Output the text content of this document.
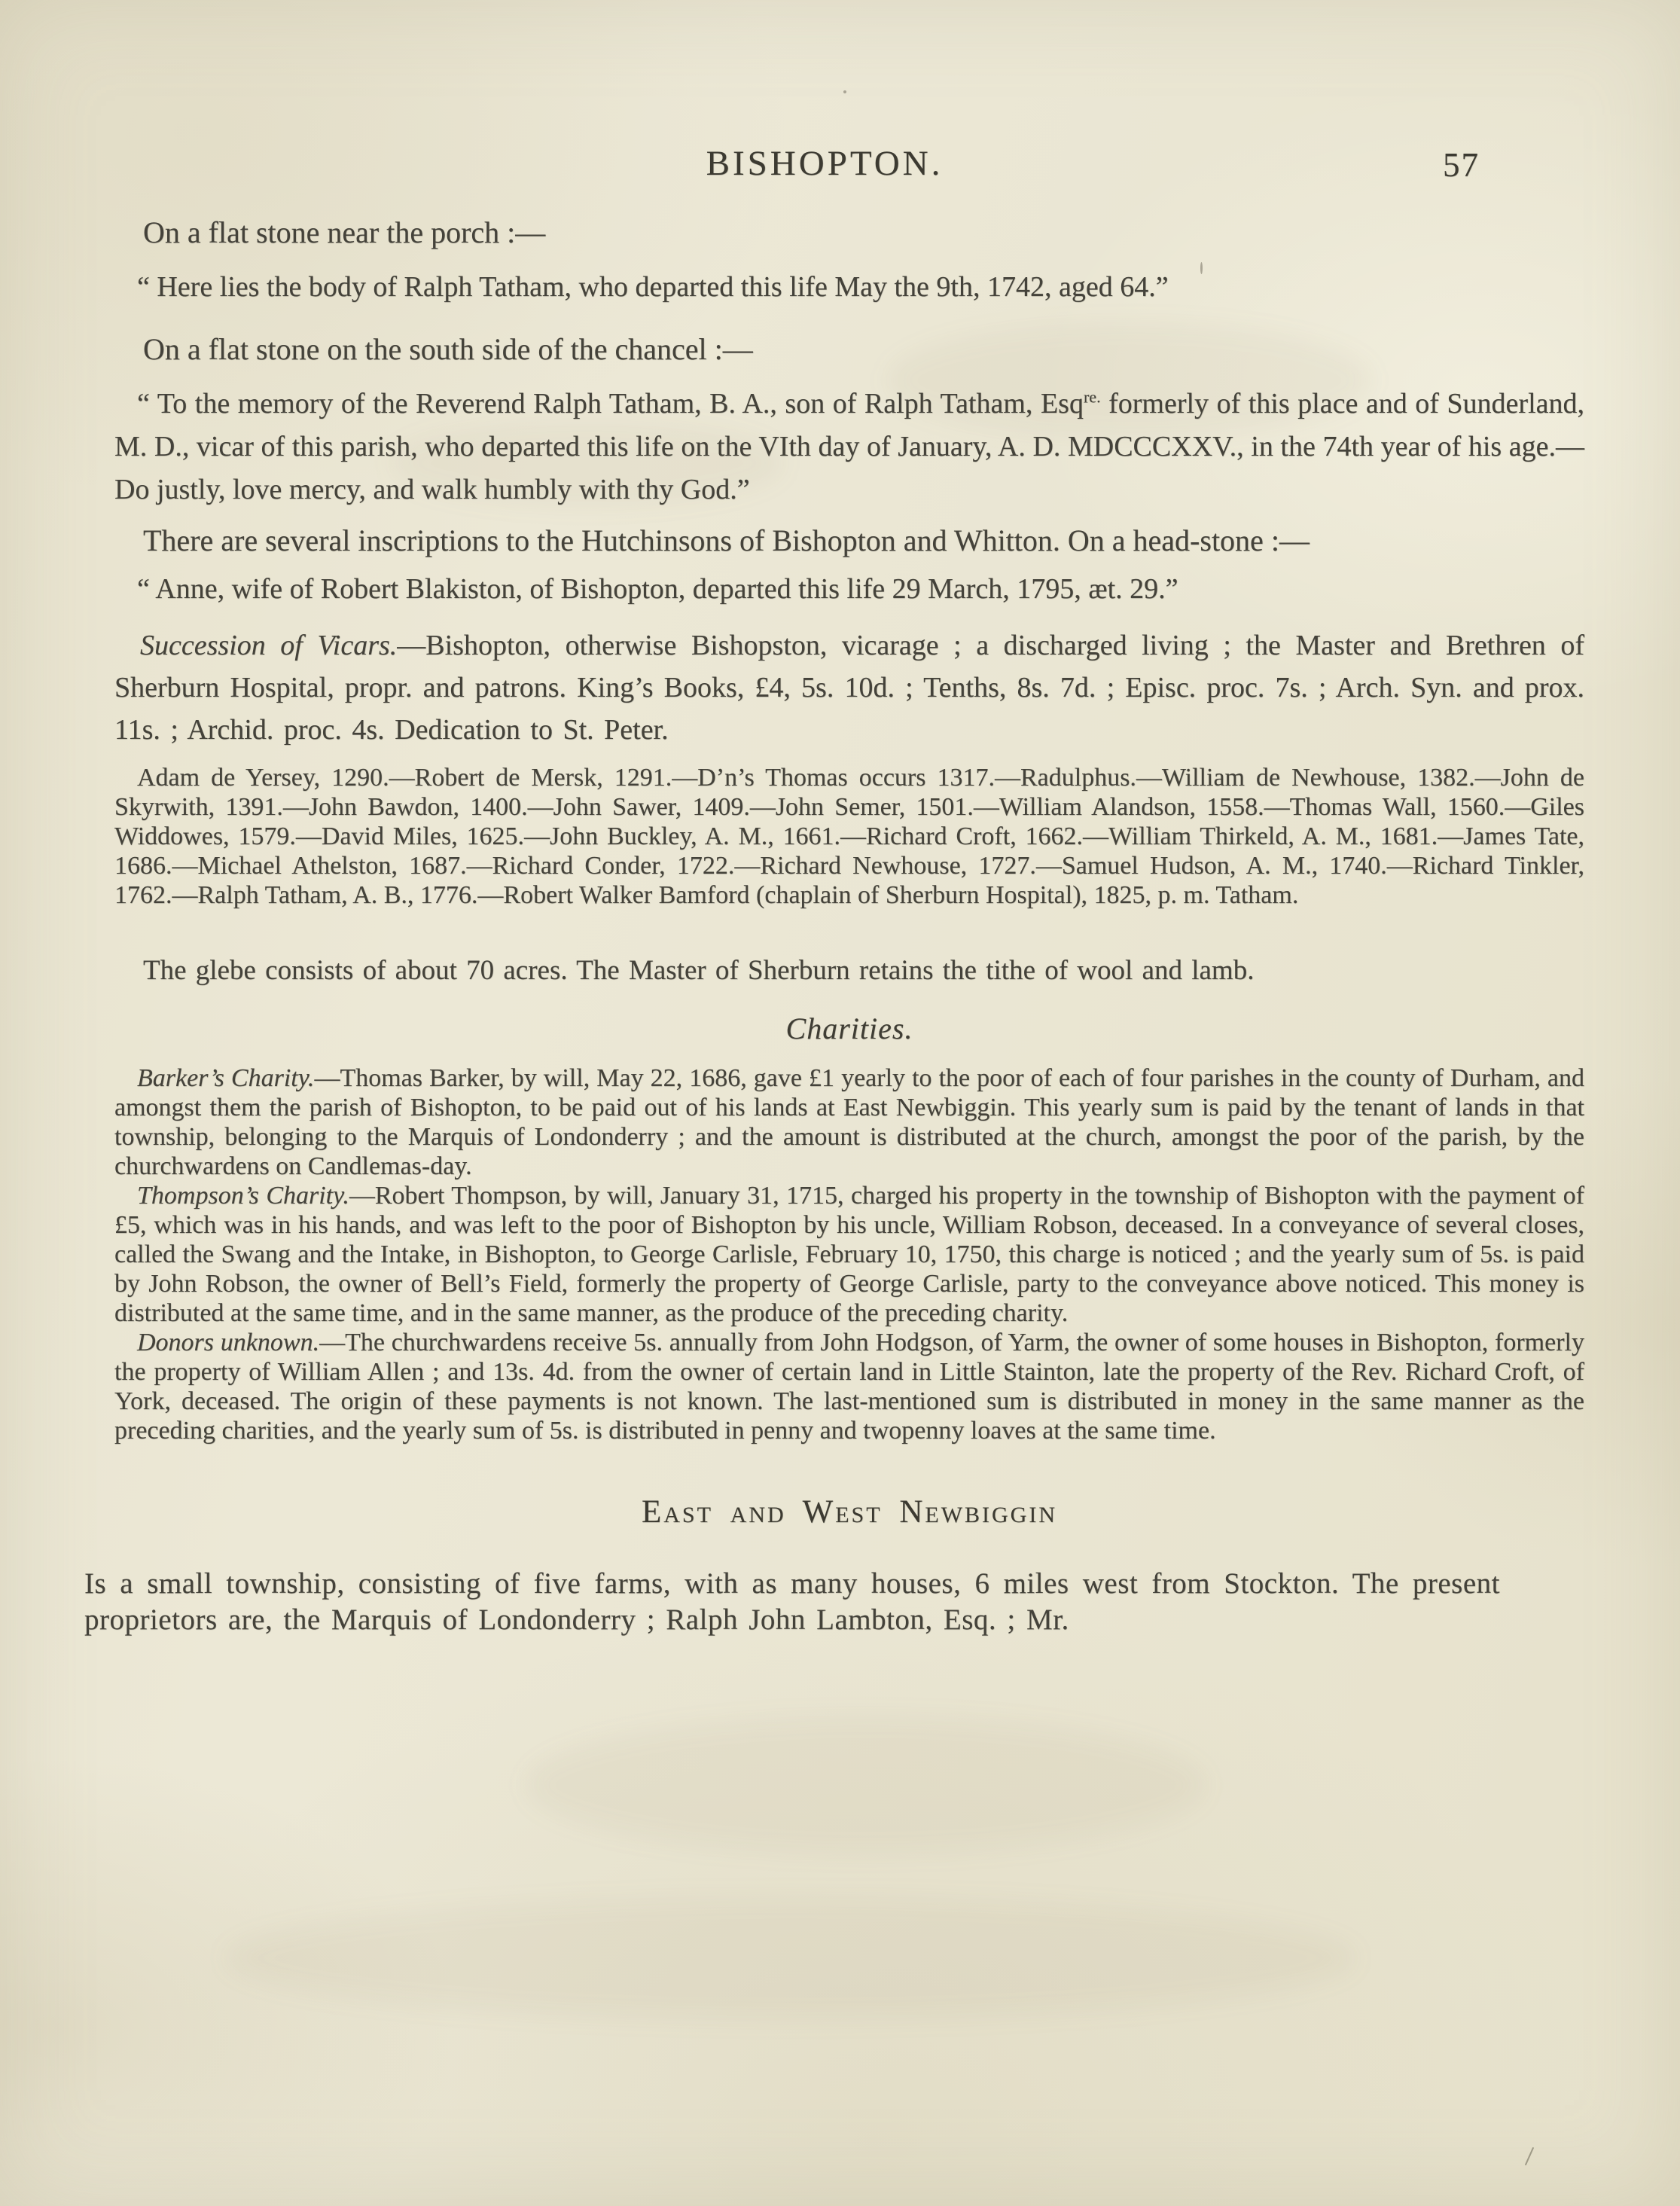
BISHOPTON.	57
On a flat stone near the porch :—
“ Here lies the body of Ralph Tatham, who departed this life May the 9th, 1742, aged 64.”
On a flat stone on the south side of the chancel :—
“ To the memory of the Reverend Ralph Tatham, B. A., son of Ralph Tatham, Esq$^{re.}$ formerly of this place and of Sunderland, M. D., vicar of this parish, who departed this life on the VIth day of January, A. D. MDCCCXXV., in the 74th year of his age.—Do justly, love mercy, and walk humbly with thy God.”
There are several inscriptions to the Hutchinsons of Bishopton and Whitton. On a head-stone :—
“ Anne, wife of Robert Blakiston, of Bishopton, departed this life 29 March, 1795, æt. 29.”
Succession of Vicars.—Bishopton, otherwise Bishopston, vicarage ; a discharged living ; the Master and Brethren of Sherburn Hospital, propr. and patrons. King’s Books, £4, 5s. 10d. ; Tenths, 8s. 7d. ; Episc. proc. 7s. ; Arch. Syn. and prox. 11s. ; Archid. proc. 4s. Dedication to St. Peter.
Adam de Yersey, 1290.—Robert de Mersk, 1291.—D’n’s Thomas occurs 1317.—Radulphus.—William de Newhouse, 1382.—John de Skyrwith, 1391.—John Bawdon, 1400.—John Sawer, 1409.—John Semer, 1501.—William Alandson, 1558.—Thomas Wall, 1560.—Giles Widdowes, 1579.—David Miles, 1625.—John Buckley, A. M., 1661.—Richard Croft, 1662.—William Thirkeld, A. M., 1681.—James Tate, 1686.—Michael Athelston, 1687.—Richard Conder, 1722.—Richard Newhouse, 1727.—Samuel Hudson, A. M., 1740.—Richard Tinkler, 1762.—Ralph Tatham, A. B., 1776.—Robert Walker Bamford (chaplain of Sherburn Hospital), 1825, p. m. Tatham.
The glebe consists of about 70 acres. The Master of Sherburn retains the tithe of wool and lamb.
Charities.
Barker’s Charity.—Thomas Barker, by will, May 22, 1686, gave £1 yearly to the poor of each of four parishes in the county of Durham, and amongst them the parish of Bishopton, to be paid out of his lands at East Newbiggin. This yearly sum is paid by the tenant of lands in that township, belonging to the Marquis of Londonderry ; and the amount is distributed at the church, amongst the poor of the parish, by the churchwardens on Candlemas-day.
Thompson’s Charity.—Robert Thompson, by will, January 31, 1715, charged his property in the township of Bishopton with the payment of £5, which was in his hands, and was left to the poor of Bishopton by his uncle, William Robson, deceased. In a conveyance of several closes, called the Swang and the Intake, in Bishopton, to George Carlisle, February 10, 1750, this charge is noticed ; and the yearly sum of 5s. is paid by John Robson, the owner of Bell’s Field, formerly the property of George Carlisle, party to the conveyance above noticed. This money is distributed at the same time, and in the same manner, as the produce of the preceding charity.
Donors unknown.—The churchwardens receive 5s. annually from John Hodgson, of Yarm, the owner of some houses in Bishopton, formerly the property of William Allen ; and 13s. 4d. from the owner of certain land in Little Stainton, late the property of the Rev. Richard Croft, of York, deceased. The origin of these payments is not known. The last-mentioned sum is distributed in money in the same manner as the preceding charities, and the yearly sum of 5s. is distributed in penny and twopenny loaves at the same time.
East and West Newbiggin
Is a small township, consisting of five farms, with as many houses, 6 miles west from Stockton. The present proprietors are, the Marquis of Londonderry ; Ralph John Lambton, Esq. ; Mr.
